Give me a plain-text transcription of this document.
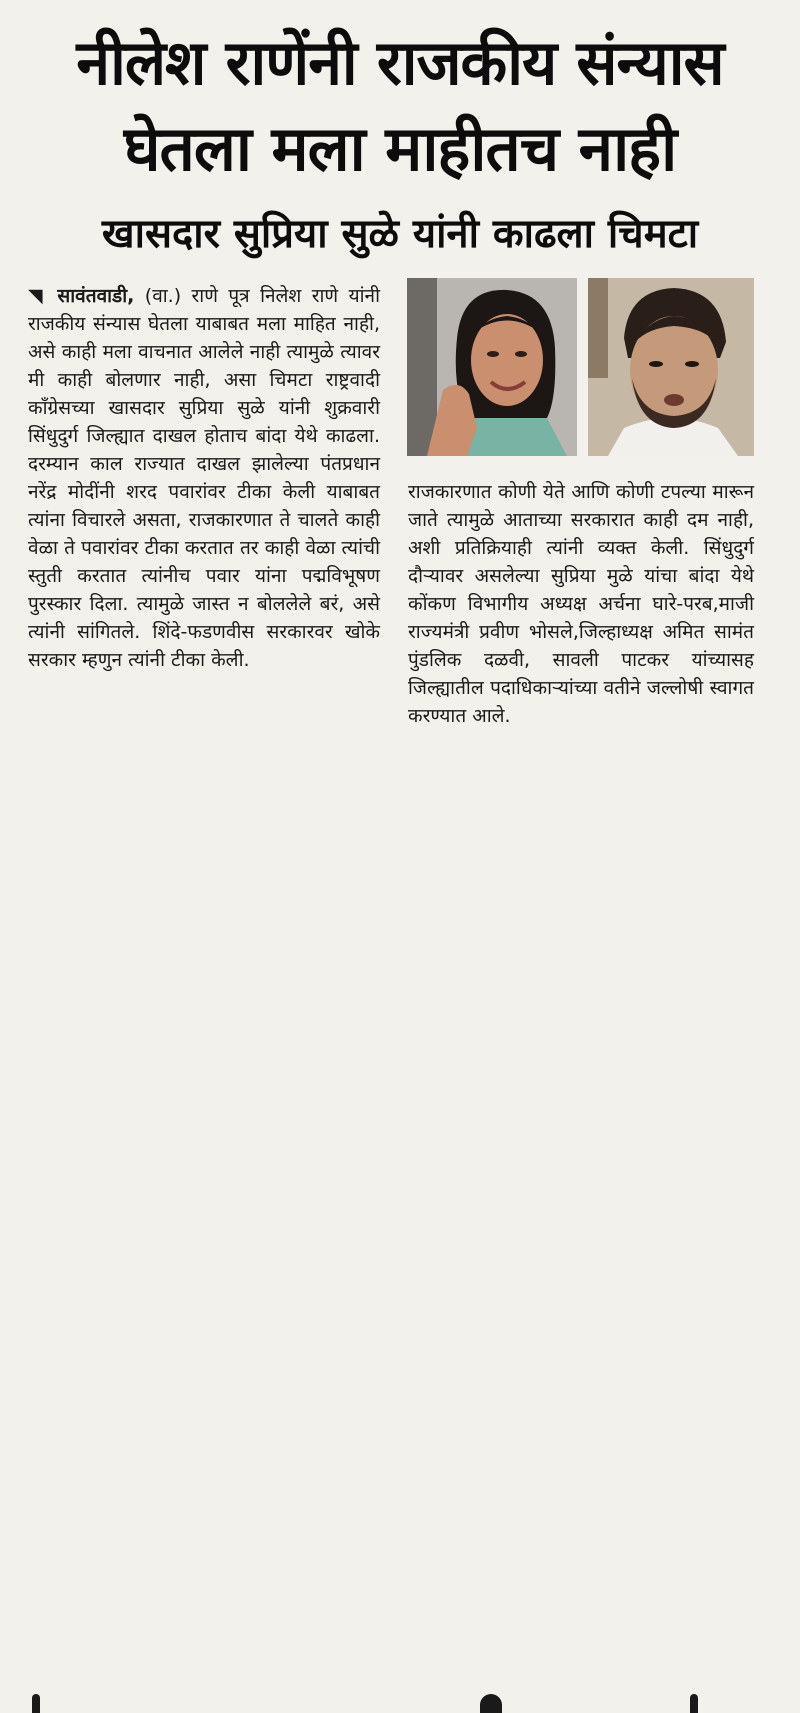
नीलेश राणेंनी राजकीय संन्यास
घेतला मला माहीतच नाही
खासदार सुप्रिया सुळे यांनी काढला चिमटा
◥ सावंतवाडी, (वा.) राणे पूत्र निलेश राणे यांनी राजकीय संन्यास घेतला याबाबत मला माहित नाही, असे काही मला वाचनात आलेले नाही त्यामुळे त्यावर मी काही बोलणार नाही, असा चिमटा राष्ट्रवादी काँग्रेसच्या खासदार सुप्रिया सुळे यांनी शुक्रवारी सिंधुदुर्ग जिल्ह्यात दाखल होताच बांदा येथे काढला. दरम्यान काल राज्यात दाखल झालेल्या पंतप्रधान नरेंद्र मोदींनी शरद पवारांवर टीका केली याबाबत त्यांना विचारले असता, राजकारणात ते चालते काही वेळा ते पवारांवर टीका करतात तर काही वेळा त्यांची स्तुती करतात त्यांनीच पवार यांना पद्मविभूषण पुरस्कार दिला. त्यामुळे जास्त न बोललेले बरं, असे त्यांनी सांगितले. शिंदे-फडणवीस सरकारवर खोके सरकार म्हणुन त्यांनी टीका केली.
राजकारणात कोणी येते आणि कोणी टपल्या मारून जाते त्यामुळे आताच्या सरकारात काही दम नाही, अशी प्रतिक्रियाही त्यांनी व्यक्त केली. सिंधुदुर्ग दौऱ्यावर असलेल्या सुप्रिया मुळे यांचा बांदा येथे कोंकण विभागीय अध्यक्ष अर्चना घारे-परब,माजी राज्यमंत्री प्रवीण भोसले,जिल्हाध्यक्ष अमित सामंत पुंडलिक दळवी, सावली पाटकर यांच्यासह जिल्ह्यातील पदाधिकाऱ्यांच्या वतीने जल्लोषी स्वागत करण्यात आले.
